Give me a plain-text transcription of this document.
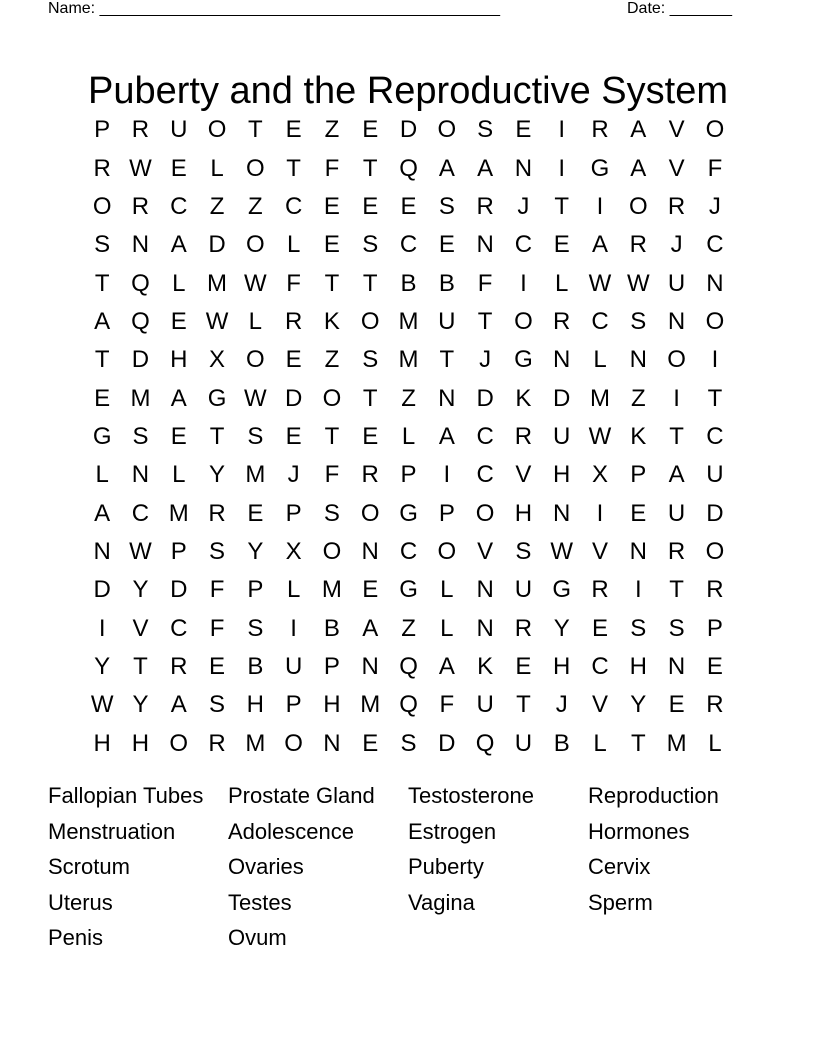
Name: _____________________________________________	Date: _______
Puberty and the Reproductive System
P R U O T E Z E D O S E	I	R A V O
R W E L O T F T Q A A N	I	G A V F
O R C Z Z C E E E S R J	T	I	O R J
S N A D O L E S C E N C E A R J C
T Q L M W F T T B B F	I	L W W U N
A Q E W L R K O M U T O R C S N O
T D H X O E Z S M T	J G N L N O	I
E M A G W D O T Z N D K D M Z	I	T
G S E T S E T E L A C R U W K T C
L N L Y M J	F R P	I	C V H X P A U
A C M R E P S O G P O H N	I	E U D
N W P S Y X O N C O V S W V N R O
D Y D F P L M E G L N U G R	I	T R
I	V C F S	I	B A Z	L N R Y E S S P
Y T R E B U P N Q A K E H C H N E
W Y A S H P H M Q F U T	J	V Y E R
H H O R M O N E S D Q U B L	T M L
Fallopian Tubes	Prostate Gland	Testosterone	Reproduction
Menstruation	Adolescence	Estrogen	Hormones
Scrotum	Ovaries	Puberty	Cervix
Uterus	Testes	Vagina	Sperm
Penis	Ovum
